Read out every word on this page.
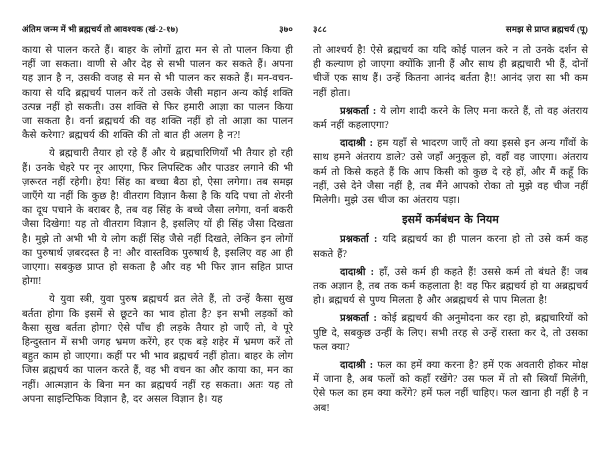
अंतिम जन्म में भी ब्रह्मचर्य तो आवश्यक (खं-2-१७)	३७०

काया से पालन करते हैं। बाहर के लोगों द्वारा मन से तो पालन किया ही नहीं जा सकता। वाणी से और देह से सभी पालन कर सकते हैं। अपना यह ज्ञान है न, उसकी वजह से मन से भी पालन कर सकते हैं। मन-वचन-काया से यदि ब्रह्मचर्य पालन करें तो उसके जैसी महान अन्य कोई शक्ति उत्पन्न नहीं हो सकती। उस शक्ति से फिर हमारी आज्ञा का पालन किया जा सकता है। वर्ना ब्रह्मचर्य की वह शक्ति नहीं हो तो आज्ञा का पालन कैसे करेगा? ब्रह्मचर्य की शक्ति की तो बात ही अलग है न?!

ये ब्रह्मचारी तैयार हो रहे हैं और ये ब्रह्मचारिणियाँ भी तैयार हो रही हैं। उनके चेहरे पर नूर आएगा, फिर लिपस्टिक और पाउडर लगाने की भी ज़रूरत नहीं रहेगी। हेय! सिंह का बच्चा बैठा हो, ऐसा लगेगा। तब समझ जाएँगे या नहीं कि कुछ है! वीतराग विज्ञान कैसा है कि यदि पचा तो शेरनी का दूध पचाने के बराबर है, तब वह सिंह के बच्चे जैसा लगेगा, वर्ना बकरी जैसा दिखेगा! यह तो वीतराग विज्ञान है, इसलिए यों ही सिंह जैसा दिखता है। मुझे तो अभी भी ये लोग कहीं सिंह जैसे नहीं दिखते, लेकिन इन लोगों का पुरुषार्थ ज़बरदस्त है न! और वास्तविक पुरुषार्थ है, इसलिए वह आ ही जाएगा। सबकुछ प्राप्त हो सकता है और वह भी फिर ज्ञान सहित प्राप्त होगा!

ये युवा स्त्री, युवा पुरुष ब्रह्मचर्य व्रत लेते हैं, तो उन्हें कैसा सुख बर्तता होगा कि इसमें से छूटने का भाव होता है? इन सभी लड़कों को कैसा सुख बर्तता होगा? ऐसे पाँच ही लड़के तैयार हो जाएँ तो, वे पूरे हिन्दुस्तान में सभी जगह भ्रमण करेंगे, हर एक बड़े शहेर में भ्रमण करें तो बहुत काम हो जाएगा। कहीं पर भी भाव ब्रह्मचर्य नहीं होता। बाहर के लोग जिस ब्रह्मचर्य का पालन करते हैं, वह भी वचन का और काया का, मन का नहीं। आत्मज्ञान के बिना मन का ब्रह्मचर्य नहीं रह सकता। अतः यह तो अपना साइन्टिफिक विज्ञान है, दर असल विज्ञान है। यह

३८८	समझ से प्राप्त ब्रह्मचर्य (पू)

तो आश्चर्य है! ऐसे ब्रह्मचर्य का यदि कोई पालन करे न तो उनके दर्शन से ही कल्याण हो जाएगा क्योंकि ज्ञानी हैं और साथ ही ब्रह्मचारी भी हैं, दोनों चीजें एक साथ हैं। उन्हें कितना आनंद बर्तता है!! आनंद ज़रा सा भी कम नहीं होता।

प्रश्नकर्ता : ये लोग शादी करने के लिए मना करते हैं, तो वह अंतराय कर्म नहीं कहलाएगा?

दादाश्री : हम यहाँ से भादरण जाएँ तो क्या इससे इन अन्य गाँवों के साथ हमने अंतराय डाले? उसे जहाँ अनुकूल हो, वहाँ वह जाएगा। अंतराय कर्म तो किसे कहते हैं कि आप किसी को कुछ दे रहे हों, और मैं कहूँ कि नहीं, उसे देने जैसा नहीं है, तब मैंने आपको रोका तो मुझे वह चीज नहीं मिलेगी। मुझे उस चीज का अंतराय पड़ा।

इसमें कर्मबंधन के नियम

प्रश्नकर्ता : यदि ब्रह्मचर्य का ही पालन करना हो तो उसे कर्म कह सकते हैं?

दादाश्री : हाँ, उसे कर्म ही कहते हैं! उससे कर्म तो बंधते हैं! जब तक अज्ञान है, तब तक कर्म कहलाता है! वह फिर ब्रह्मचर्य हो या अब्रह्मचर्य हो। ब्रह्मचर्य से पुण्य मिलता है और अब्रह्मचर्य से पाप मिलता है!

प्रश्नकर्ता : कोई ब्रह्मचर्य की अनुमोदना कर रहा हो, ब्रह्मचारियों को पुष्टि दे, सबकुछ उन्हीं के लिए। सभी तरह से उन्हें रास्ता कर दे, तो उसका फल क्या?

दादाश्री : फल का हमें क्या करना है? हमें एक अवतारी होकर मोक्ष में जाना है, अब फलों को कहाँ रखेंगे? उस फल में तो सौ स्त्रियाँ मिलेंगी, ऐसे फल का हम क्या करेंगे? हमें फल नहीं चाहिए। फल खाना ही नहीं है न अब!
